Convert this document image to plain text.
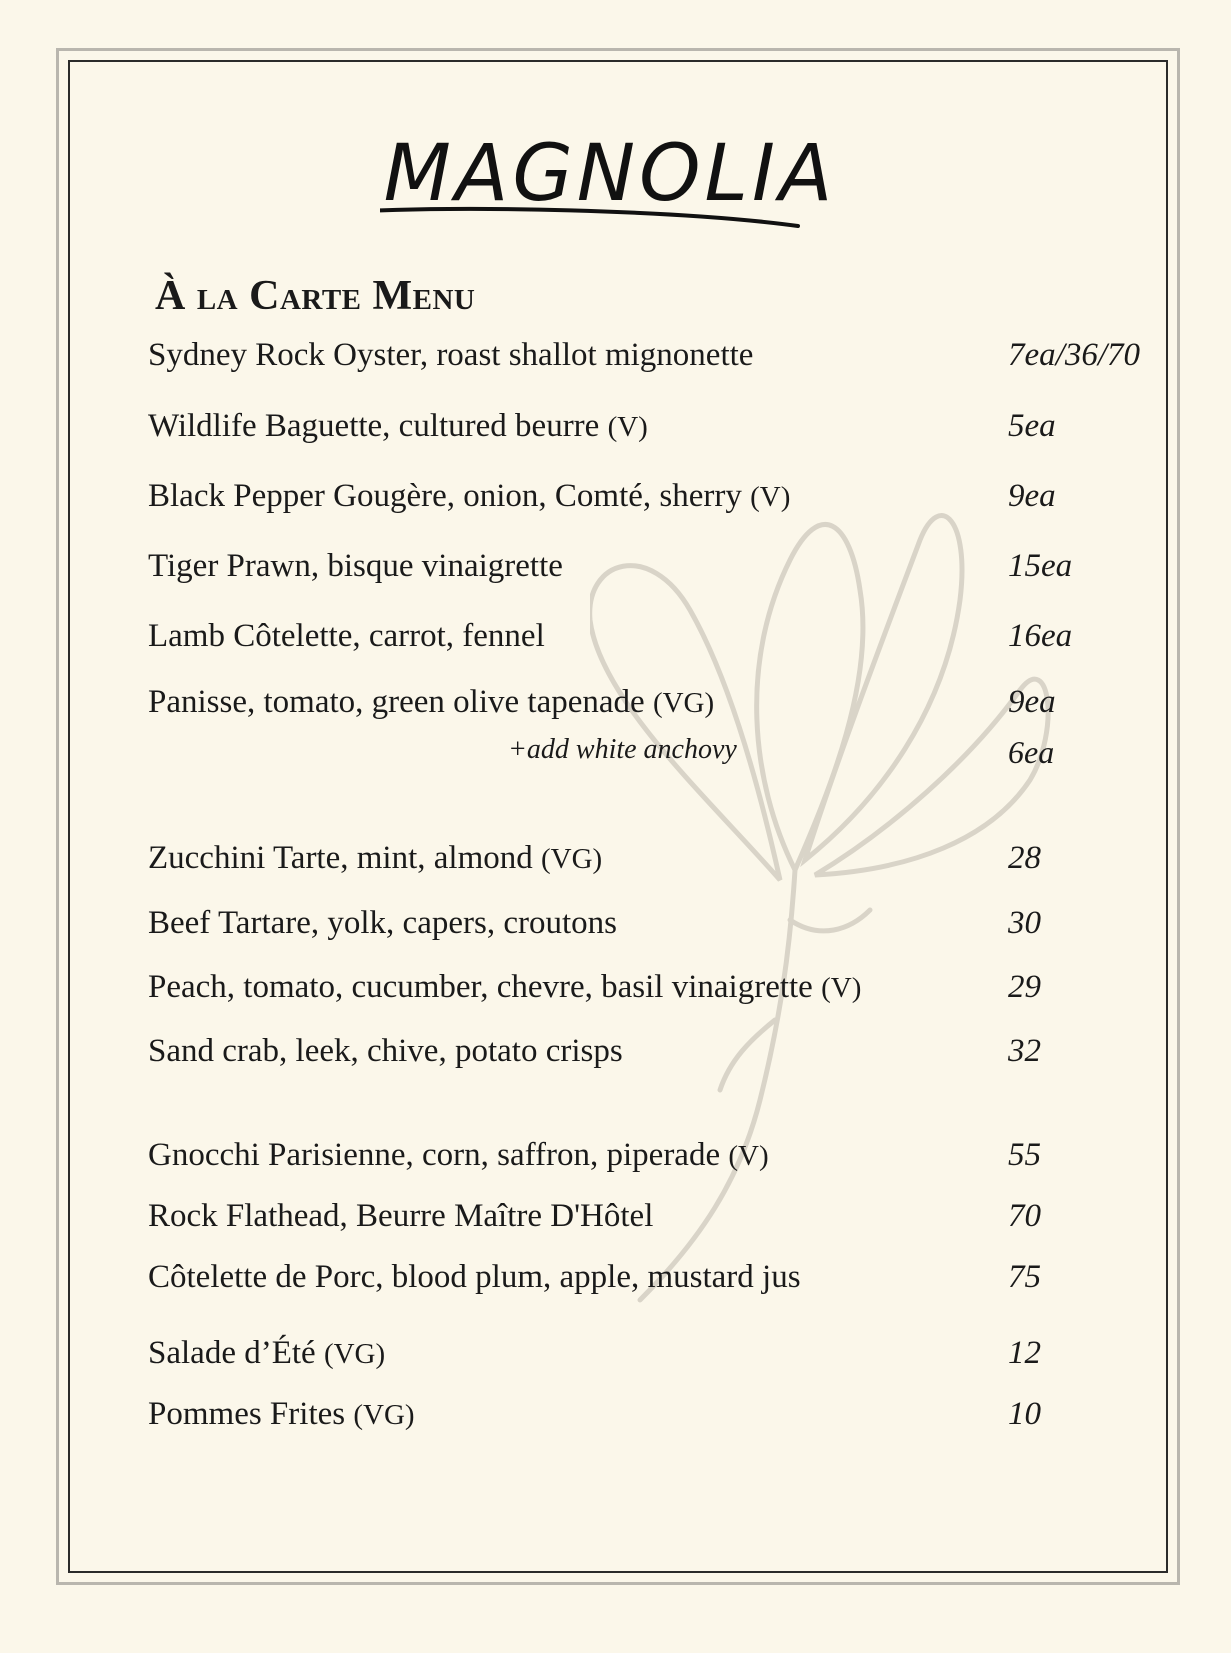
MAGNOLIA
À la Carte Menu
Sydney Rock Oyster, roast shallot mignonette	7ea/36/70
Wildlife Baguette, cultured beurre (V)	5ea
Black Pepper Gougère, onion, Comté, sherry (V)	9ea
Tiger Prawn, bisque vinaigrette	15ea
Lamb Côtelette, carrot, fennel	16ea
Panisse, tomato, green olive tapenade (VG)	9ea
+add white anchovy	6ea
Zucchini Tarte, mint, almond (VG)	28
Beef Tartare, yolk, capers, croutons	30
Peach, tomato, cucumber, chevre, basil vinaigrette (V)	29
Sand crab, leek, chive, potato crisps	32
Gnocchi Parisienne, corn, saffron, piperade (V)	55
Rock Flathead, Beurre Maître D'Hôtel	70
Côtelette de Porc, blood plum, apple, mustard jus	75
Salade d’Été (VG)	12
Pommes Frites (VG)	10
